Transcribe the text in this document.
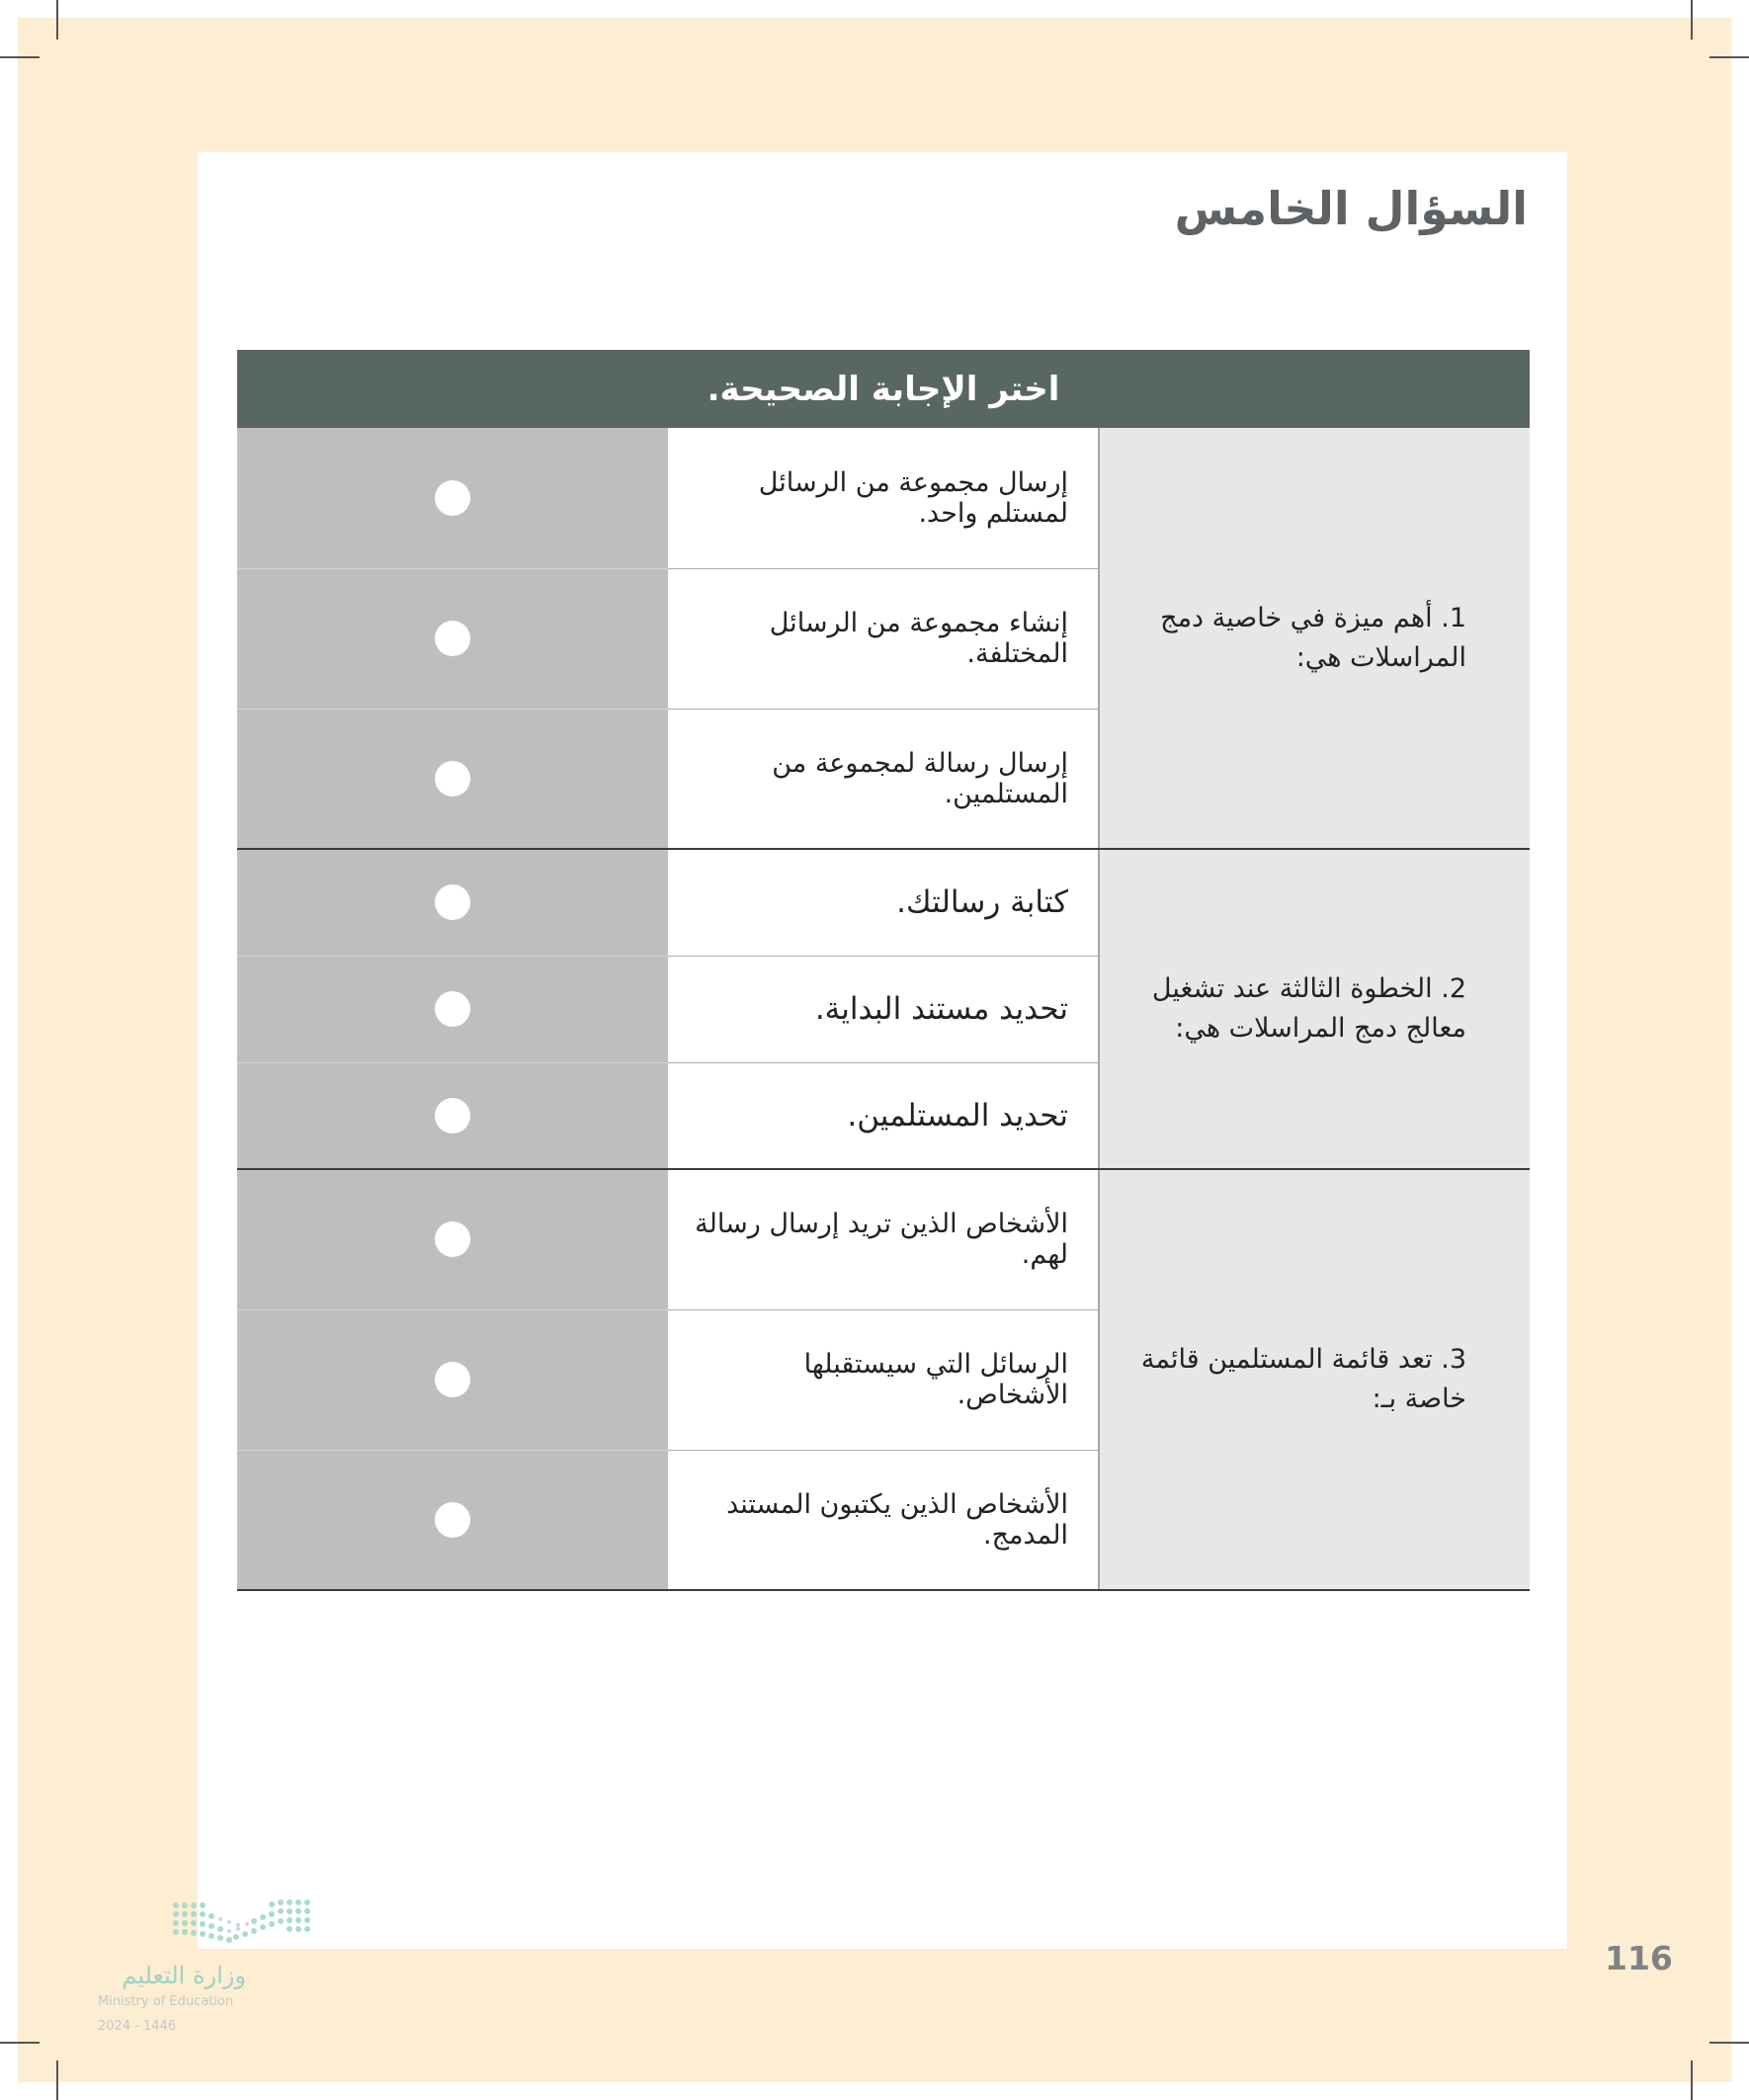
السؤال الخامس
اختر الإجابة الصحيحة.		
1. أهم ميزة في خاصية دمج المراسلات هي:	إرسال مجموعة من الرسائل لمستلم واحد.	
	إنشاء مجموعة من الرسائل المختلفة.	
	إرسال رسالة لمجموعة من المستلمين.	
2. الخطوة الثالثة عند تشغيل معالج دمج المراسلات هي:	كتابة رسالتك.	
	تحديد مستند البداية.	
	تحديد المستلمين.	
3. تعد قائمة المستلمين قائمة خاصة بـ:	الأشخاص الذين تريد إرسال رسالة لهم.	
	الرسائل التي سيستقبلها الأشخاص.	
	الأشخاص الذين يكتبون المستند المدمج.	
116
وزارة التعليم
Ministry of Education
2024 - 1446
